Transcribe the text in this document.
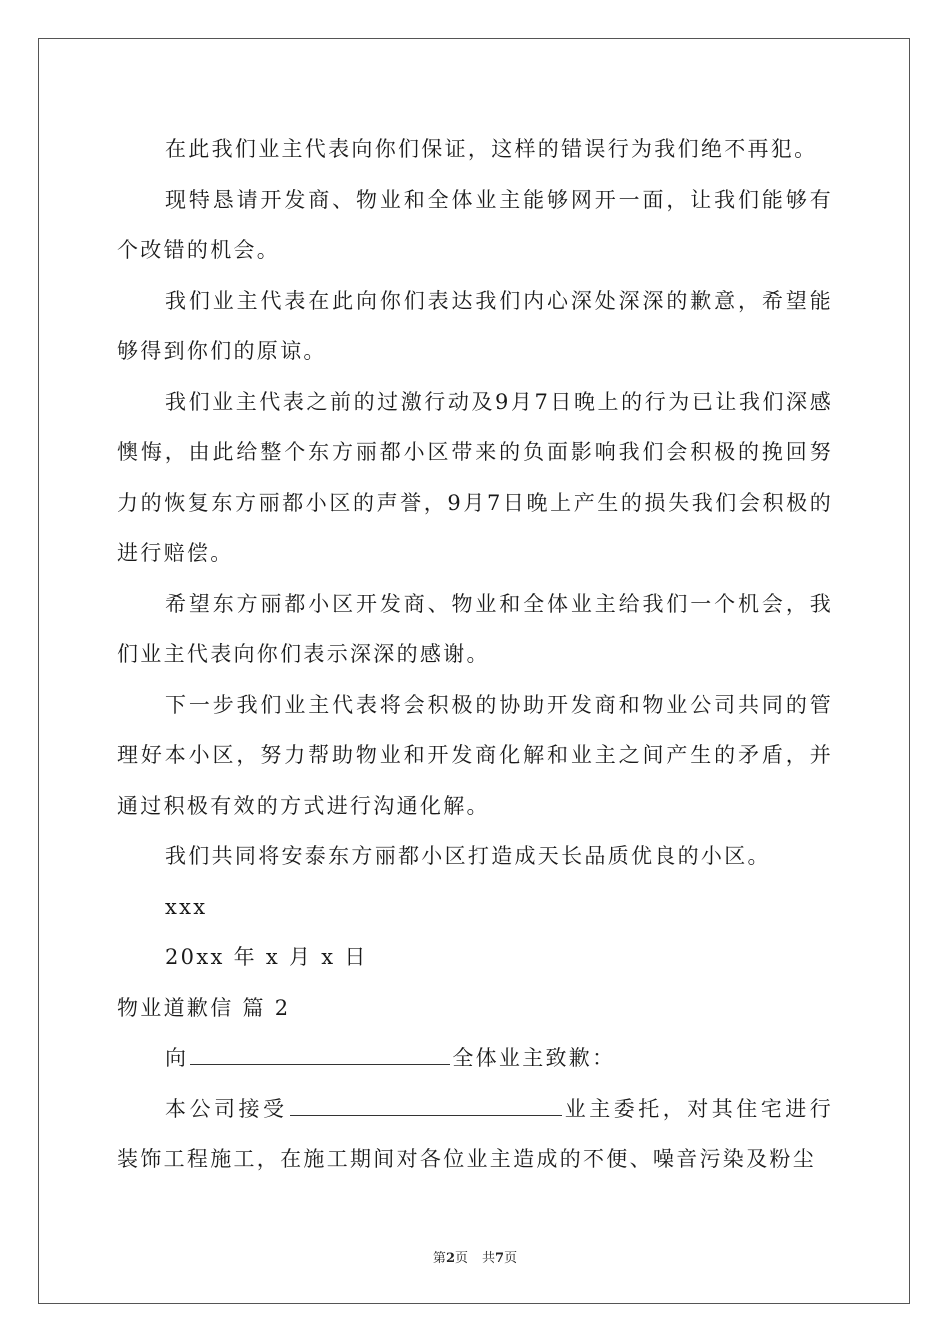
在此我们业主代表向你们保证，这样的错误行为我们绝不再犯。

现特恳请开发商、物业和全体业主能够网开一面，让我们能够有个改错的机会。

我们业主代表在此向你们表达我们内心深处深深的歉意，希望能够得到你们的原谅。

我们业主代表之前的过激行动及9月7日晚上的行为已让我们深感懊悔，由此给整个东方丽都小区带来的负面影响我们会积极的挽回努力的恢复东方丽都小区的声誉，9月7日晚上产生的损失我们会积极的进行赔偿。

希望东方丽都小区开发商、物业和全体业主给我们一个机会，我们业主代表向你们表示深深的感谢。

下一步我们业主代表将会积极的协助开发商和物业公司共同的管理好本小区，努力帮助物业和开发商化解和业主之间产生的矛盾，并通过积极有效的方式进行沟通化解。

我们共同将安泰东方丽都小区打造成天长品质优良的小区。

xxx

20xx 年 x 月 x 日

物业道歉信 篇 2

向	全体业主致歉：

本公司接受	业主委托，对其住宅进行装饰工程施工，在施工期间对各位业主造成的不便、噪音污染及粉尘

第2页 共7页
